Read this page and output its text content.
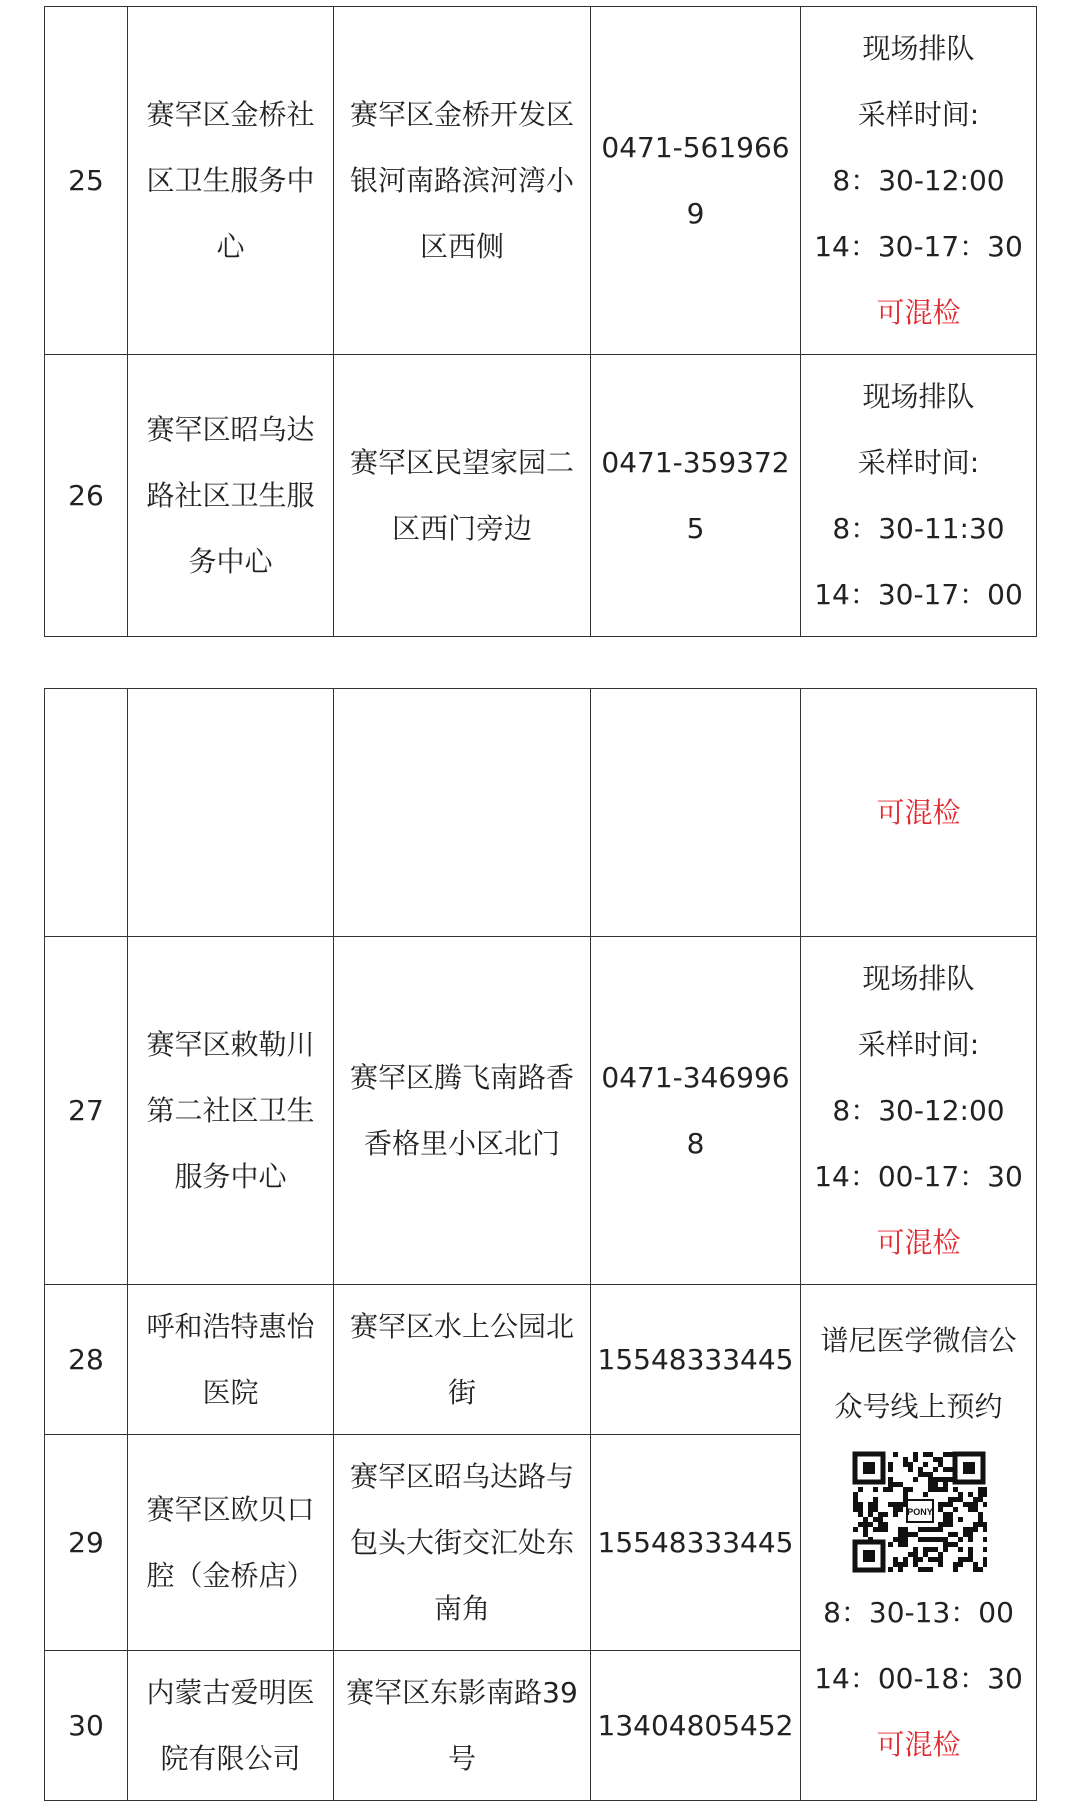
25	赛罕区金桥社区卫生服务中心	赛罕区金桥开发区银河南路滨河湾小区西侧	0471-5619669	现场排队
采样时间:
8：30-12:00
14：30-17：30
可混检

26	赛罕区昭乌达路社区卫生服务中心	赛罕区民望家园二区西门旁边	0471-3593725	现场排队
采样时间:
8：30-11:30
14：30-17：00

				可混检

27	赛罕区敕勒川第二社区卫生服务中心	赛罕区腾飞南路香香格里小区北门	0471-3469968	现场排队
采样时间:
8：30-12:00
14：00-17：30
可混检

28	呼和浩特惠怡医院	赛罕区水上公园北街	15548333445	谱尼医学微信公众号线上预约
PONY
8：30-13：00
14：00-18：30
可混检

29	赛罕区欧贝口腔（金桥店）	赛罕区昭乌达路与包头大街交汇处东南角	15548333445	
30	内蒙古爱明医院有限公司	赛罕区东影南路39号	13404805452	
